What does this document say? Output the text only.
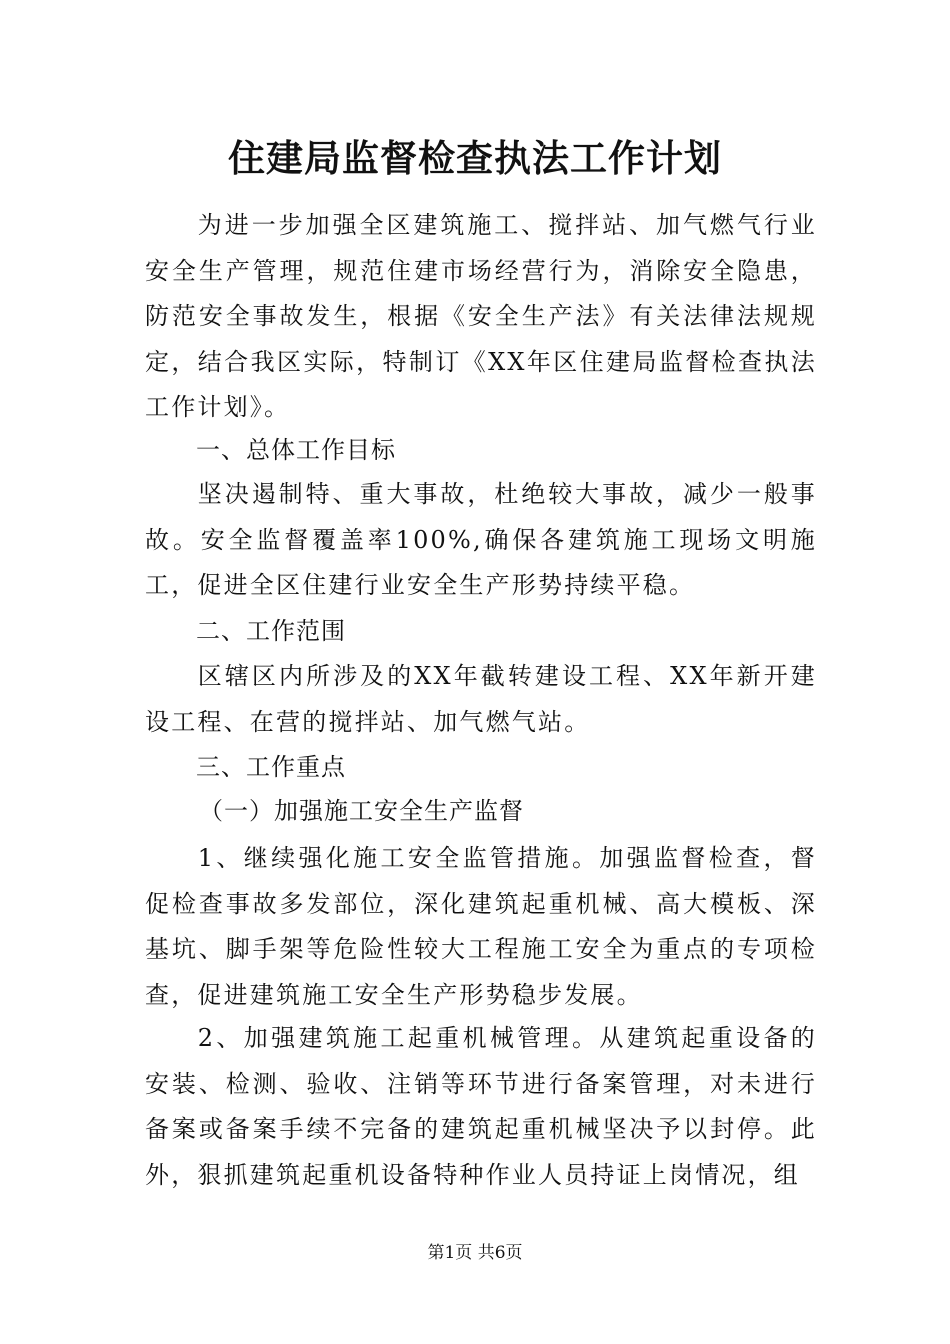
住建局监督检查执法工作计划
为进一步加强全区建筑施工、搅拌站、加气燃气行业安全生产管理，规范住建市场经营行为，消除安全隐患，防范安全事故发生，根据《安全生产法》有关法律法规规定，结合我区实际，特制订《XX年区住建局监督检查执法工作计划》。
一、总体工作目标
坚决遏制特、重大事故，杜绝较大事故，减少一般事故。安全监督覆盖率100%,确保各建筑施工现场文明施工，促进全区住建行业安全生产形势持续平稳。
二、工作范围
区辖区内所涉及的XX年截转建设工程、XX年新开建设工程、在营的搅拌站、加气燃气站。
三、工作重点
（一）加强施工安全生产监督
1、继续强化施工安全监管措施。加强监督检查，督促检查事故多发部位，深化建筑起重机械、高大模板、深基坑、脚手架等危险性较大工程施工安全为重点的专项检查，促进建筑施工安全生产形势稳步发展。
2、加强建筑施工起重机械管理。从建筑起重设备的安装、检测、验收、注销等环节进行备案管理，对未进行备案或备案手续不完备的建筑起重机械坚决予以封停。此外，狠抓建筑起重机设备特种作业人员持证上岗情况，组
第1页 共6页
